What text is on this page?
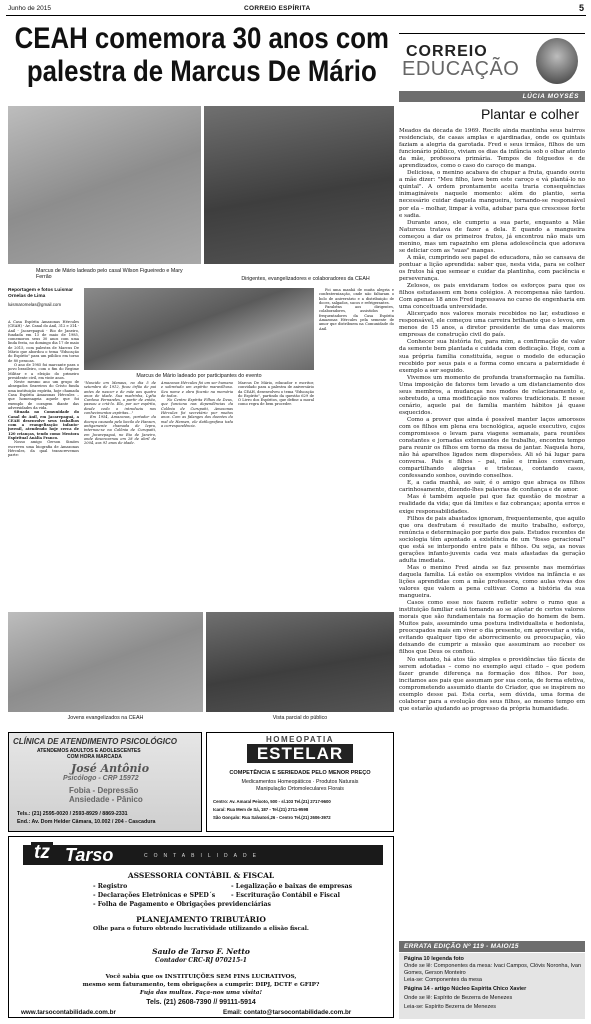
Junho de 2015	CORREIO ESPÍRITA	5
CEAH comemora 30 anos com palestra de Marcus De Mário
Marcus de Mário ladeado pelo casal Wilson Figueiredo e Mary Ferrão	Dirigentes, evangelizadores e colaboradores da CEAH
Reportagem e fotos Luismar Ornelas de Lima
luismarornelas@gmail.com

A Casa Espírita Amazonas Hércules (CEAH) - Av. Canal do Anil, 312 e 314 - Anil - Jacarepaguá - Rio de Janeiro, fundada em 13 de maio de 1985, comemorou seus 30 anos com uma linda festa, no domingo dia 17 de maio de 2015, com palestra de Marcus De Mário que abordou o tema "Educação do Espírito" para um público em torno de 80 pessoas.

O ano de 1985 foi marcante para o povo brasileiro, com o fim do Regime Militar e a eleição do primeiro presidente civil, em vinte anos.

Neste mesmo ano um grupo de abnegados Seareiros do Cristo funda uma instituição espírita, hoje chamada Casa Espírita Amazonas Hércules – que homenageia aquele que foi exemplo de coragem diante das adversidades da vida.

Situada no Comunidade do Canal do Anil, em Jacarepaguá, a CEAH desenvolve seus trabalhos com a evangelização infanto-juvenil, atendendo hoje cerca de 120 crianças, tendo como Mentora Espiritual Anália Franco.

Nosso amigo Gerson Simões escreveu uma biografia de Amazonas Hércules, da qual transcrevemos parte:

Marcus de Mário ladeado por participantes do evento

"Nascido em Manaus, no dia 5 de setembro de 1912, ficou órfão de pai antes de nascer e de mãe aos quatro anos de idade. Sua madrinha, Lydia Cardoso Fernandes, a partir de então, passou a criá-lo. Ela, por ser espírita, desde cedo o introduziu nos conhecimentos espíritas..."

Em 1954, Amazonas, portador da doença causada pelo bacilo de Hansen, antigamente chamada de lepra, internou-se na Colônia de Curupaiti, em Jacarepaguá, no Rio de Janeiro, onde desencarnou em 28 de abril de 2004, aos 91 anos de idade.

Amazonas Hércules foi um ser humano e sobretudo um espírito maravilhoso. Seu nome e obra ficarão na memória de todos.

No Centro Espírita Filhos de Deus, que funciona nas dependências da Colônia de Curupaiti, Amazonas Hércules foi secretário por muitos anos. Com as falanges dos doentes do mal de Hansen, ele datilografava toda a correspondência.

Marcus De Mário, educador e escritor, convidado para a palestra de aniversário da CEAH, desenvolveu o tema "Educação do Espírito", partindo da questão 629 de O Livro dos Espíritos, que define a moral como regra de bem proceder.

Foi uma manhã de muita alegria e confraternização, onde não faltaram o bolo de aniversário e a distribuição de doces, salgados, sucos e refrigerantes.

Parabéns aos dirigentes, colaboradores, assistidos e frequentadores da Casa Espírita Amazonas Hércules pela semente de amor que distribuem na Comunidade do Anil.

Jovens evangelizados na CEAH	Vista parcial do público
CLÍNICA DE ATENDIMENTO PSICOLÓGICO
ATENDEMOS ADULTOS E ADOLESCENTES
COM HORA MARCADA
José Antônio
Psicólogo - CRP 15972
Fobia - Depressão
Ansiedade - Pânico
Tels.: (21) 2595-0020 / 2593-8929 / 8869-2331
End.: Av. Dom Helder Câmara, 10.002 / 204 - Cascadura
HOMEOPATIA
ESTELAR
COMPETÊNCIA E SERIEDADE PELO MENOR PREÇO
Medicamentos Homeopáticos · Produtos Naturais
Manipulação Ortomoleculares Florais
Centro: Av. Amaral Peixoto, 500 - sl.103 Tel.(21) 2717-9600
Icaraí: Rua Mem de Sá, 187 - Tel.(21) 2711-9598
São Gonçalo: Rua Salvatori,26 - Centro Tel.(21) 2606-3972
tz Tarso	CONTABILIDADE
ASSESSORIA CONTÁBIL & FISCAL
- Registro	- Legalização e baixas de empresas
- Declarações Eletrônicas e SPED´s	- Escrituração Contábil e Fiscal
- Folha de Pagamento e Obrigações previdenciárias
PLANEJAMENTO TRIBUTÁRIO
Olhe para o futuro obtendo lucratividade utilizando a elisão fiscal.
Saulo de Tarso F. Netto
Contador CRC-RJ 070215-1
Você sabia que os INSTITUIÇÕES SEM FINS LUCRATIVOS,
mesmo sem faturamento, tem obrigações a cumprir: DIPJ, DCTF e GFIP?
Fuja das multas. Faça-nos uma visita!
Tels. (21) 2608-7390 // 99111-5914
www.tarsocontabilidade.com.br	Email: contato@tarsocontabilidade.com.br
CORREIO
EDUCAÇÃO
LÚCIA MOYSÉS
Plantar e colher

Meados da década de 1969. Recife ainda mantinha seus bairros residenciais, de casas amplas e ajardinadas, onde os quintais faziam a alegria da garotada. Fred e seus irmãos, filhos de um funcionário público, viviam os dias da infância sob o olhar atento da mãe, professora primária. Tempos de folguedos e de aprendizados, como o caso do caroço de manga.

Deliciosa, o menino acabava de chupar a fruta, quando ouviu a mãe dizer: "Meu filho, lave bem este caroço e vá plantá-lo no quintal". A ordem prontamente aceita traria consequências inimagináveis naquele momento: além do plantio, seria necessário cuidar daquela mangueira, tornando-se responsável por ela – molhar, limpar à volta, adubar para que crescesse forte e sadia.

Durante anos, ele cumpriu a sua parte, enquanto a Mãe Natureza tratava de fazer a dela. E quando a mangueira começou a dar os primeiros frutos, já encontrou não mais um menino, mas um rapazinho em plena adolescência que adorava se deliciar com as "suas" mangas.

A mãe, cumprindo seu papel de educadora, não se cansava de pontuar a lição aprendida: saber que, nesta vida, para se colher os frutos há que semear e cuidar da plantinha, com paciência e perseverança.

Zelosos, os pais envidaram todos os esforços para que os filhos estudassem em bons colégios. A recompensa não tardou. Com apenas 18 anos Fred ingressava no curso de engenharia em uma conceituada universidade.

Alicerçado nos valores morais recebidos no lar, estudioso e responsável, ele começou uma carreira brilhante que o levou, em menos de 15 anos, a diretor presidente de uma das maiores empresas de construção civil do país.

Conhecer sua história foi, para mim, a confirmação de valor da semente bem plantada e cuidada com dedicação. Hoje, com a sua própria família constituída, segue o modelo de educação recebido por seus pais e a forma como encara a paternidade é exemplo a ser seguido.

Vivemos um momento de profunda transformação na família. Uma imposição de fatores tem levado a um distanciamento dos seus membros, a mudanças nos modos de relacionamento e, sobretudo, a uma modificação nos valores tradicionais. E nesse cenário, aquele pai de família mantém hábitos já quase esquecidos.

Como a prover que ainda é possível manter laços amorosos com os filhos em plena era tecnológica, aquele executivo, cujos compromissos o levam para viagens semanais, para reuniões constantes e jornadas extenuantes de trabalho, encontra tempo para reunir os filhos em torno da mesa de jantar. Naquela hora, não há aparelhos ligados nem dispersões. Ali só há lugar para conversa. Pais e filhos – pai, mãe e irmãos conversam, compartilhando alegrias e tristezas, contando casos, confessando sonhos, ouvindo conselhos.

E, a cada manhã, ao sair, é o amigo que abraça os filhos carinhosamente, dizendo-lhes palavras de confiança e de amor.

Mas é também aquele pai que faz questão de mostrar a realidade da vida; que dá limites e faz cobranças; aponta erros e exige responsabilidades.

Filhos de pais abastados ignoram, frequentemente, que aquilo que ora desfrutam é resultado de muito trabalho, esforço, renúncia e determinação por parte dos pais. Estudos recentes de sociologia têm apontado a existência de um "fosso geracional" que está se interpondo entre pais e filhos. Ou seja, as novas gerações infanto-juvenis cada vez mais afastadas da geração adulta imediata.

Mas o menino Fred ainda se faz presente nas memórias daquela família. Lá estão os exemplos vividos na infância e as lições aprendidas com a mãe professora, como aulas vivas dos valores que valem a pena cultivar. Como a história da sua mangueira.

Casos como esse nos fazem refletir sobre o rumo que a instituição familiar está tomando ao se afastar de certos valores morais que são fundamentais na formação do homem de bem. Muitos pais, assumindo uma postura individualista e hedonista, preocupados mais em viver o dia presente, em aproveitar a vida, evitando qualquer tipo de aborrecimento ou preocupação, vão deixando de cumprir a missão que assumiram ao receber os filhos que Deus os confiou.

No entanto, há atos tão simples e providências tão fáceis de serem adotadas – como no exemplo aqui citado – que podem fazer grande diferença na formação dos filhos. Por isso, incitamos aos pais que assumam por sua conta, de forma efetiva, comprometendo assumido diante do Criador, que se inspirem no exemplo desse pai. Esta certa, sem dúvida, uma forma de colaborar para a evolução dos seus filhos, ao mesmo tempo em que estarão ajudando ao progresso da própria humanidade.

ERRATA EDIÇÃO Nº 119 - MAIO/15
Página 10 legenda foto
Onde se lê: Componentes da mesa: Ivaci Campos, Clóvis Noronha, Ivan Gomes, Gerson Monteiro
Leia-se: Componentes da mesa
Página 14 - artigo Núcleo Espírita Chico Xavier
Onde se lê: Espírito de Bezerra de Menezes
Leia-se: Espírito Bezerra de Menezes
